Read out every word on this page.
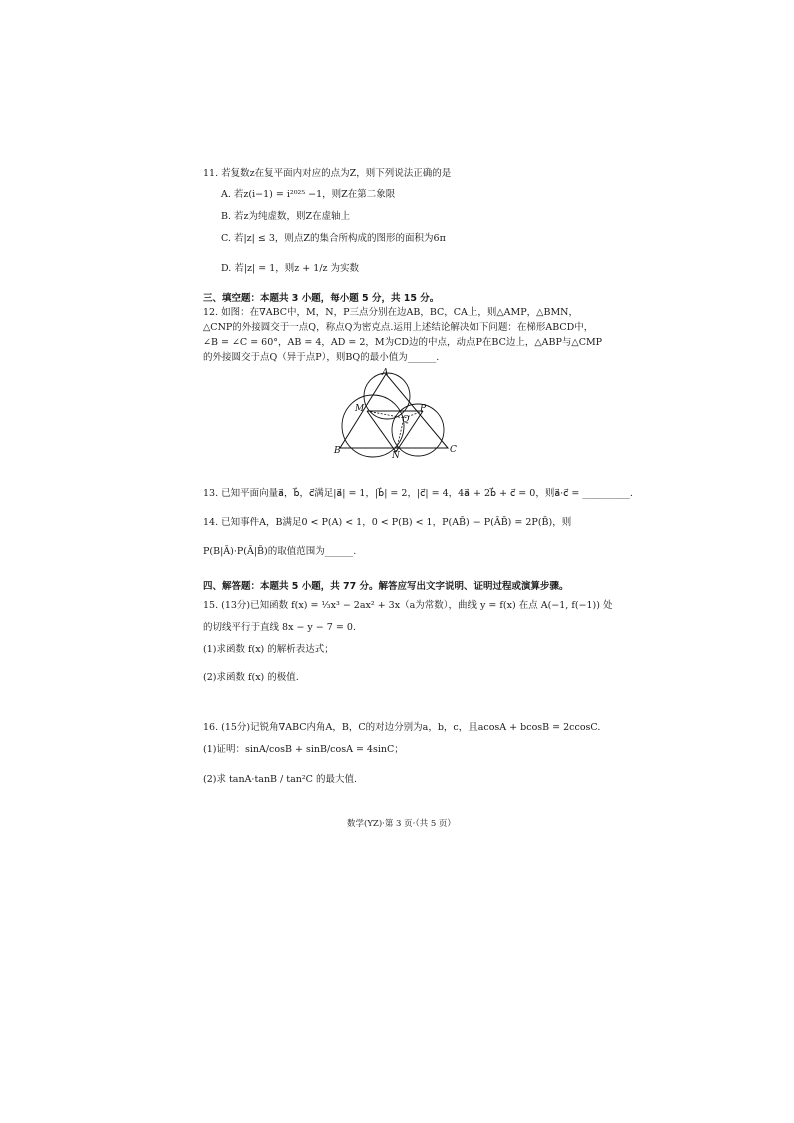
11. 若复数z在复平面内对应的点为Z，则下列说法正确的是
A. 若z(i−1) = i²⁰²⁵ −1，则Z在第二象限
B. 若z为纯虚数，则Z在虚轴上
C. 若|z| ≤ 3，则点Z的集合所构成的图形的面积为6π
D. 若|z| = 1，则z + 1/z 为实数
三、填空题：本题共 3 小题，每小题 5 分，共 15 分。
12. 如图：在∇ABC中，M，N，P三点分别在边AB，BC，CA上，则△AMP，△BMN，
△CNP的外接圆交于一点Q，称点Q为密克点.运用上述结论解决如下问题：在梯形ABCD中，
∠B = ∠C = 60°，AB = 4，AD = 2，M为CD边的中点，动点P在BC边上，△ABP与△CMP
的外接圆交于点Q（异于点P），则BQ的最小值为______.
A
M	P
Q
B	N
C
13. 已知平面向量a⃗，b⃗，c⃗满足|a⃗| = 1，|b⃗| = 2，|c⃗| = 4，4a⃗ + 2b⃗ + c⃗ = 0，则a⃗·c⃗ = __________.
14. 已知事件A，B满足0 < P(A) < 1，0 < P(B) < 1，P(AB̄) − P(ĀB̄) = 2P(B̄)，则
P(B|Ā)·P(Ā|B̄)的取值范围为______.
四、解答题：本题共 5 小题，共 77 分。解答应写出文字说明、证明过程或演算步骤。
15. (13分)已知函数 f(x) = ⅓x³ − 2ax² + 3x（a为常数），曲线 y = f(x) 在点 A(−1, f(−1)) 处
的切线平行于直线 8x − y − 7 = 0.
(1)求函数 f(x) 的解析表达式；
(2)求函数 f(x) 的极值.
16. (15分)记锐角∇ABC内角A，B，C的对边分别为a，b，c，且acosA + bcosB = 2ccosC.
(1)证明：sinA/cosB + sinB/cosA = 4sinC；
(2)求 tanA·tanB / tan²C 的最大值.
数学(YZ)·第 3 页·（共 5 页）
